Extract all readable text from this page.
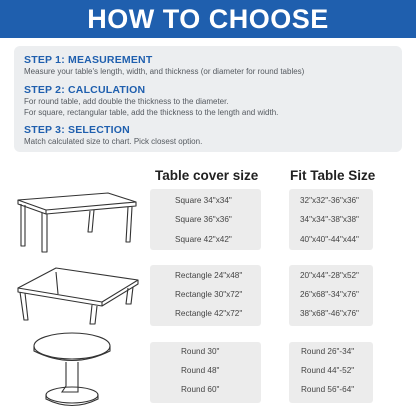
HOW TO CHOOSE
STEP 1: MEASUREMENT
Measure your table's length, width, and thickness (or diameter for round tables)
STEP 2: CALCULATION
For round table, add double the thickness to the diameter.
For square, rectangular table, add the thickness to the length and width.
STEP 3: SELECTION
Match calculated size to chart. Pick closest option.
Table cover size Fit Table Size
Square 34"x34"
Square 36"x36"
Square 42"x42"
32"x32"-36"x36"
34"x34"-38"x38"
40"x40"-44"x44"
Rectangle 24"x48"
Rectangle 30"x72"
Rectangle 42"x72"
20"x44"-28"x52"
26"x68"-34"x76"
38"x68"-46"x76"
Round 30"
Round 48"
Round 60"
Round 26"-34"
Round 44"-52"
Round 56"-64"
